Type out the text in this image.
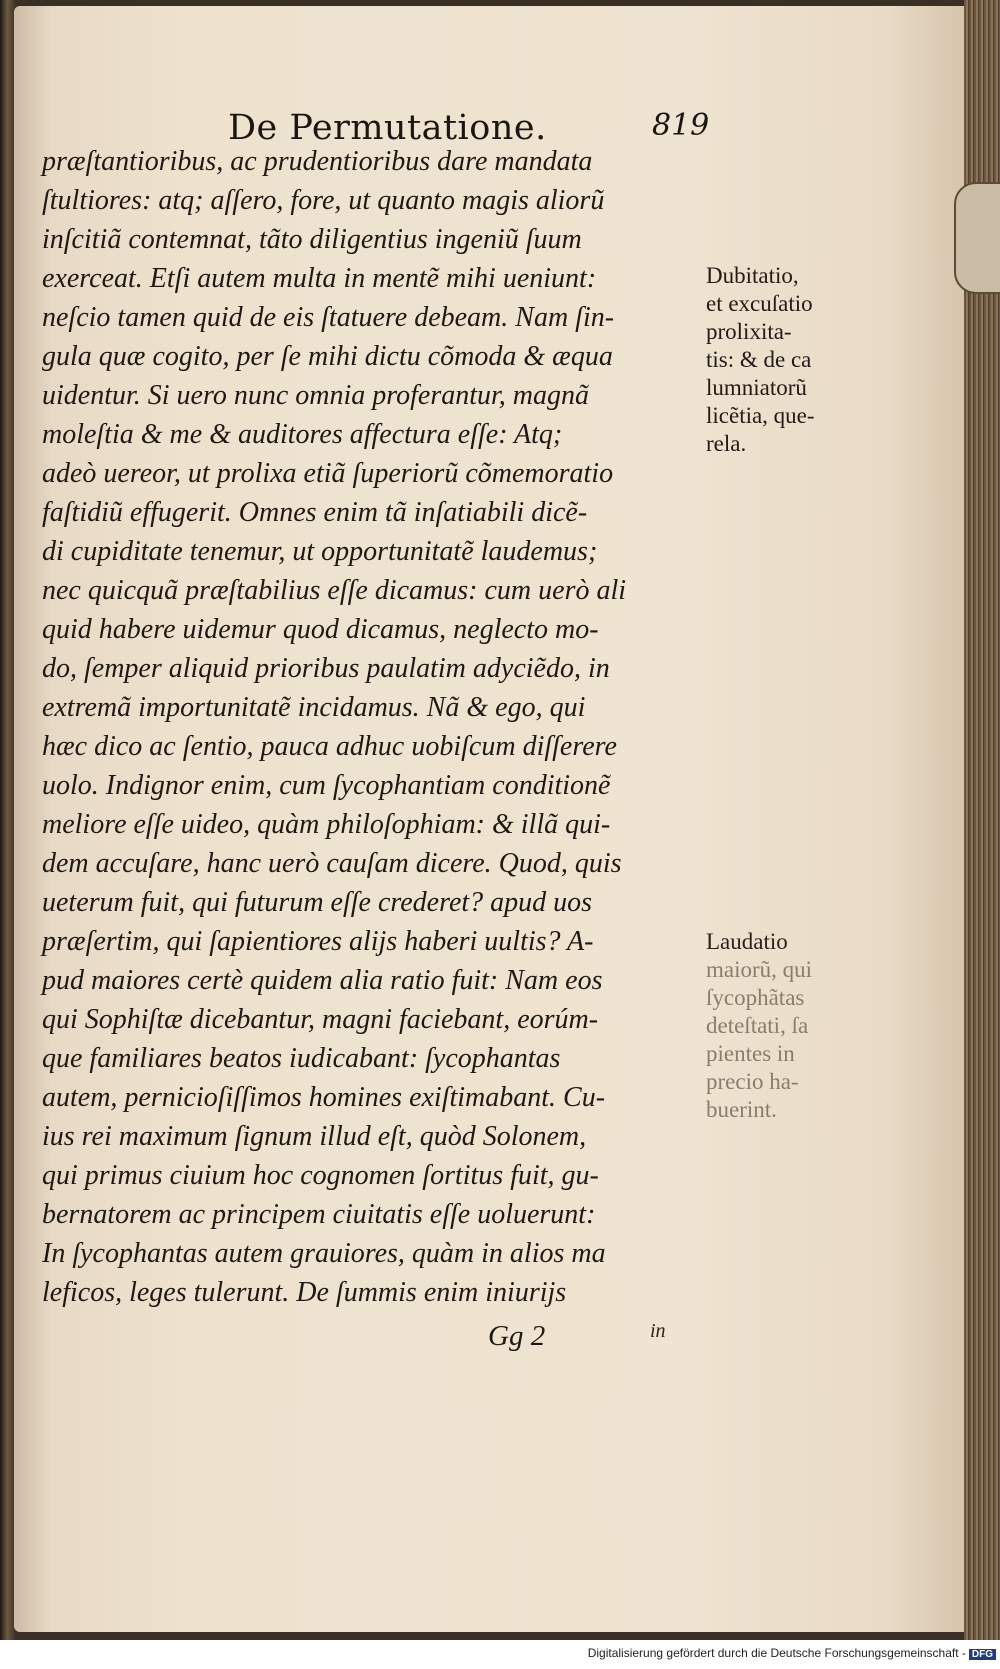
De Permutatione.	819
præſtantioribus, ac prudentioribus dare mandata
ſtultiores: atq; aſſero, fore, ut quanto magis aliorũ
inſcitiã contemnat, tãto diligentius ingeniũ ſuum
exerceat. Etſi autem multa in mentẽ mihi ueniunt:
neſcio tamen quid de eis ſtatuere debeam. Nam ſin-
gula quæ cogito, per ſe mihi dictu cõmoda & æqua
uidentur. Si uero nunc omnia proferantur, magnã
moleſtia & me & auditores affectura eſſe: Atq;
adeò uereor, ut prolixa etiã ſuperiorũ cõmemoratio
faſtidiũ effugerit. Omnes enim tã inſatiabili dicẽ-
di cupiditate tenemur, ut opportunitatẽ laudemus;
nec quicquã præſtabilius eſſe dicamus: cum uerò ali
quid habere uidemur quod dicamus, neglecto mo-
do, ſemper aliquid prioribus paulatim adyciẽdo, in
extremã importunitatẽ incidamus. Nã & ego, qui
hæc dico ac ſentio, pauca adhuc uobiſcum diſſerere
uolo. Indignor enim, cum ſycophantiam conditionẽ
meliore eſſe uideo, quàm philoſophiam: & illã qui-
dem accuſare, hanc uerò cauſam dicere. Quod, quis
ueterum fuit, qui futurum eſſe crederet? apud uos
præſertim, qui ſapientiores alijs haberi uultis? A-
pud maiores certè quidem alia ratio fuit: Nam eos
qui Sophiſtæ dicebantur, magni faciebant, eorúm-
que familiares beatos iudicabant: ſycophantas
autem, pernicioſiſſimos homines exiſtimabant. Cu-
ius rei maximum ſignum illud eſt, quòd Solonem,
qui primus ciuium hoc cognomen ſortitus fuit, gu-
bernatorem ac principem ciuitatis eſſe uoluerunt:
In ſycophantas autem grauiores, quàm in alios ma
leficos, leges tulerunt. De ſummis enim iniurijs
Dubitatio,
et excuſatio
prolixita-
tis: & de ca
lumniatorũ
licẽtia, que-
rela.
Laudatio
maiorũ, qui
ſycophãtas
deteſtati, ſa
pientes in
precio ha-
buerint.
Gg 2	in
Digitalisierung gefördert durch die Deutsche Forschungsgemeinschaft - DFG
